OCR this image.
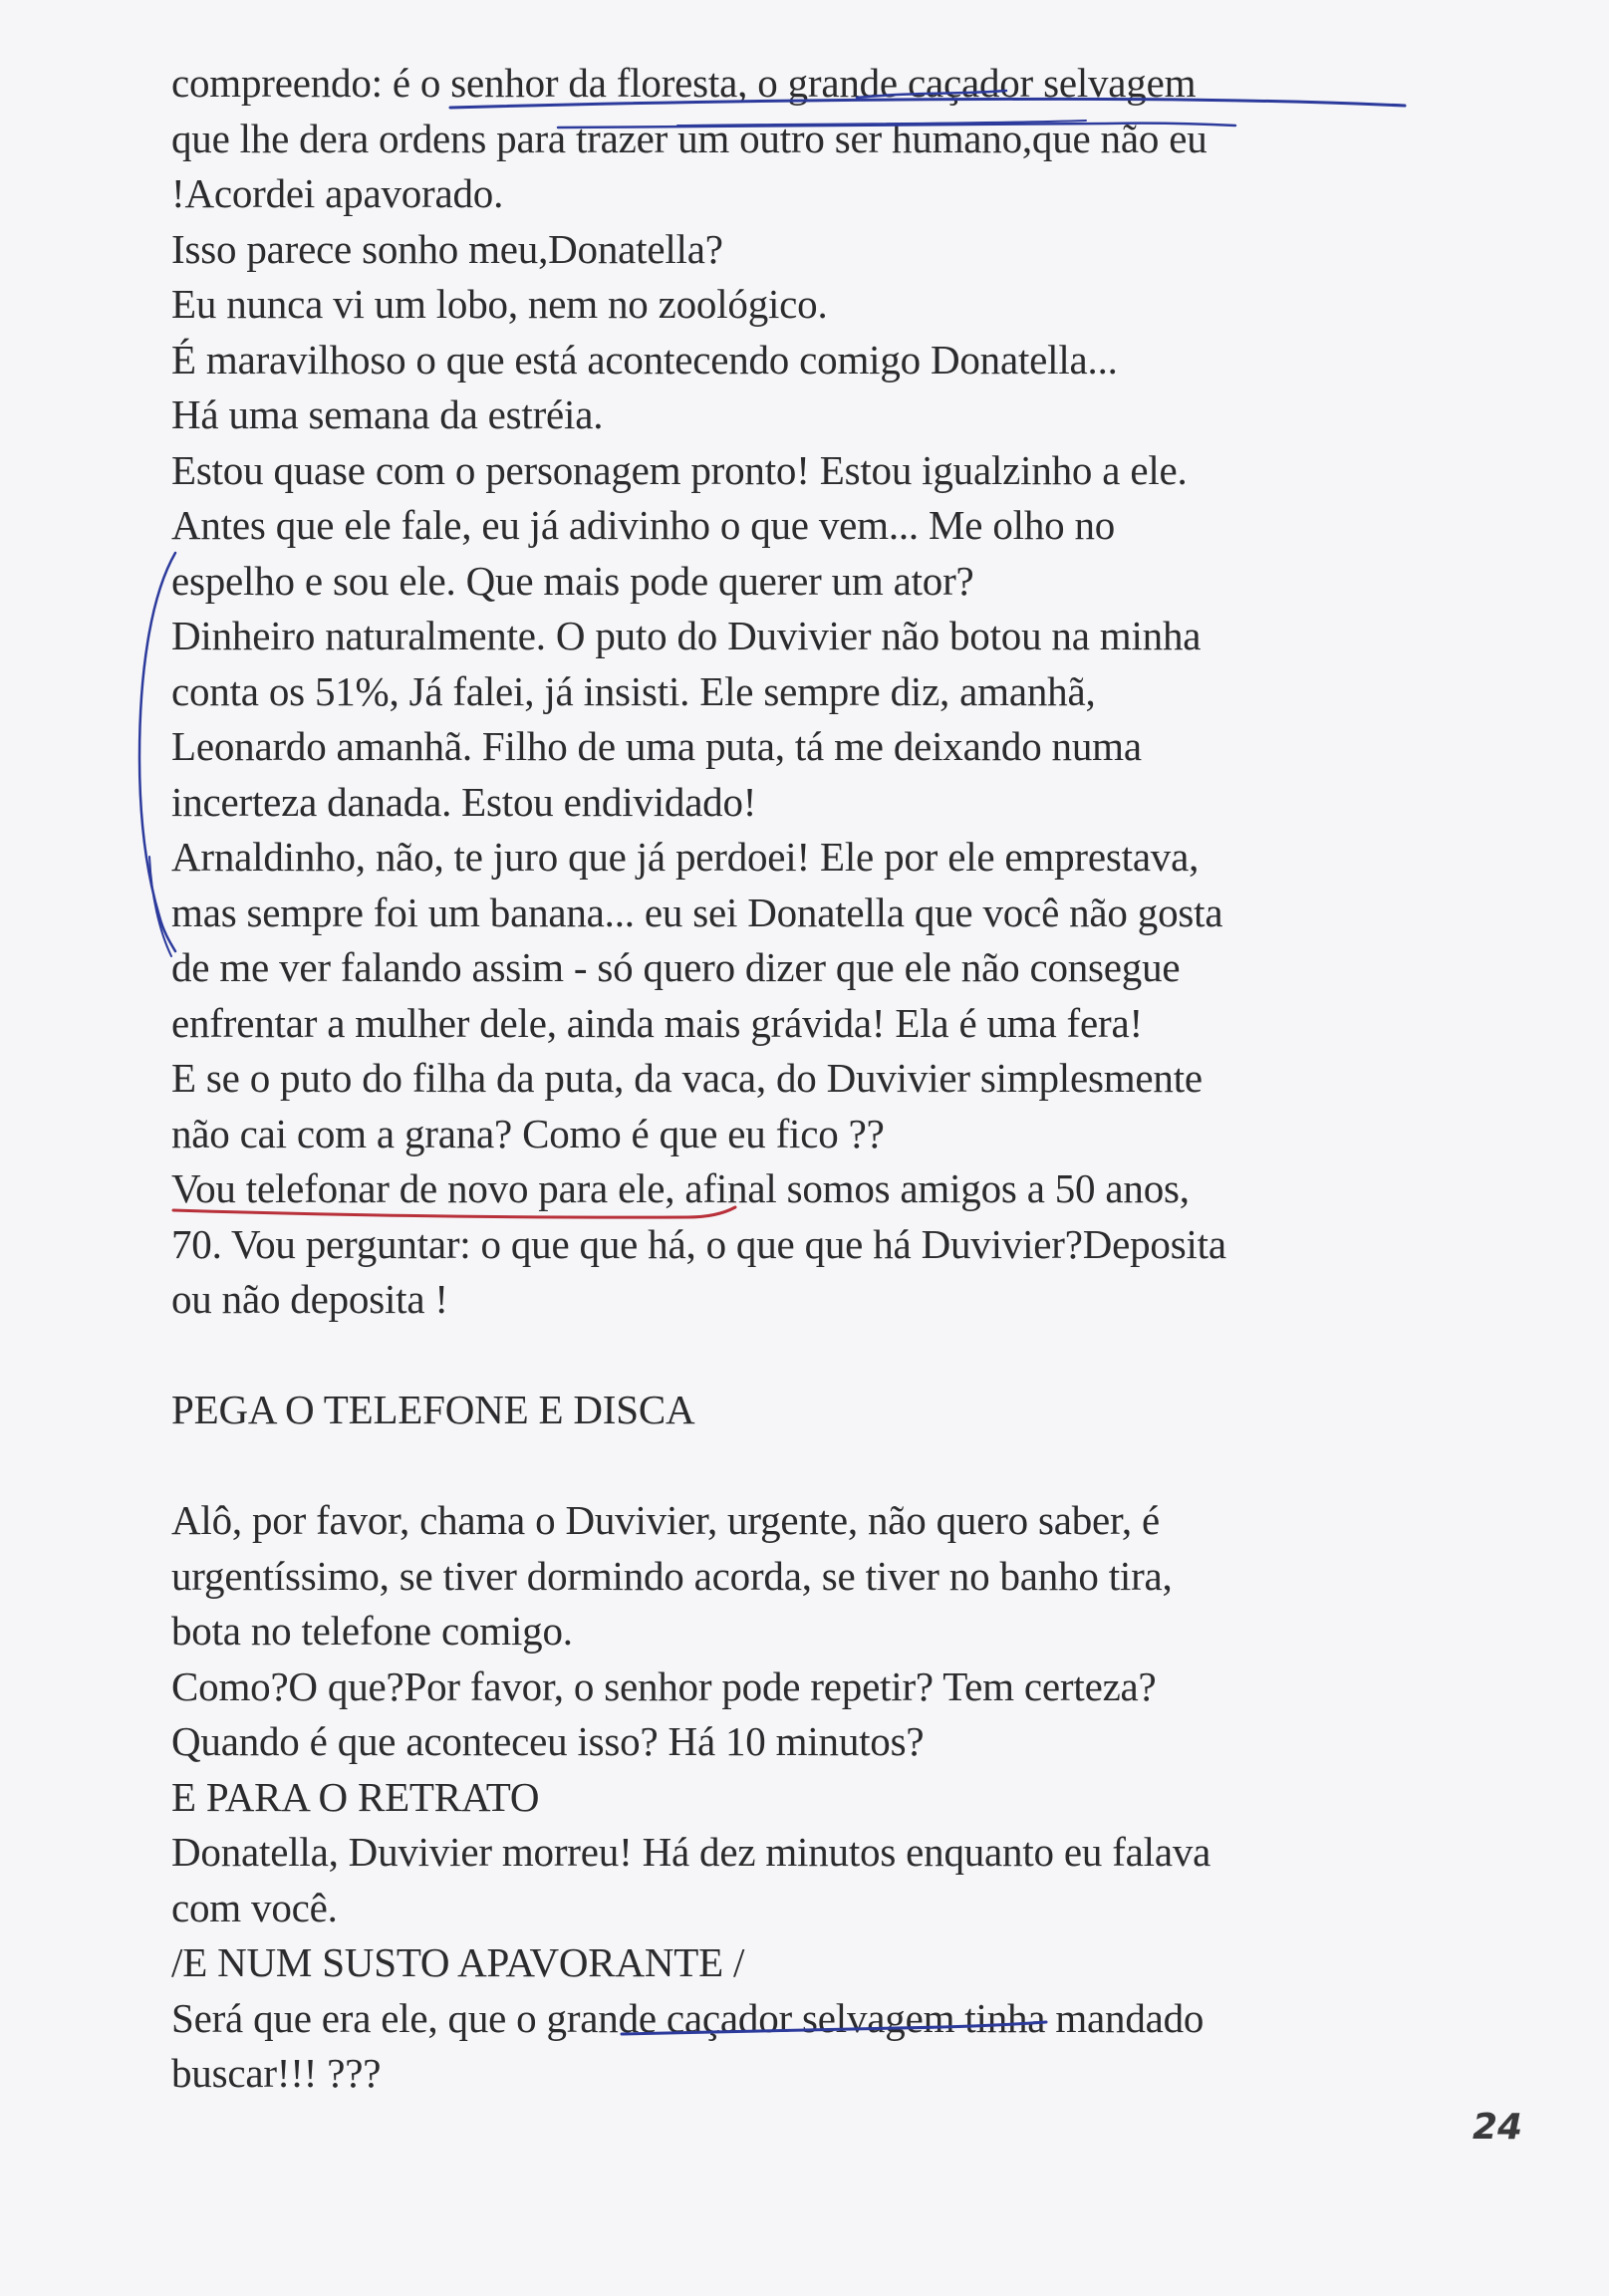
compreendo: é o senhor da floresta, o grande caçador selvagem
que lhe dera ordens para trazer um outro ser humano,que não eu
!Acordei apavorado.
Isso parece sonho meu,Donatella?
Eu nunca vi um lobo, nem no zoológico.
É maravilhoso o que está acontecendo comigo Donatella...
Há uma semana da estréia.
Estou quase com o personagem pronto! Estou igualzinho a ele.
Antes que ele fale, eu já adivinho o que vem... Me olho no
espelho e sou ele. Que mais pode querer um ator?
Dinheiro naturalmente. O puto do Duvivier não botou na minha
conta os 51%, Já falei, já insisti. Ele sempre diz, amanhã,
Leonardo amanhã. Filho de uma puta, tá me deixando numa
incerteza danada. Estou endividado!
Arnaldinho, não, te juro que já perdoei! Ele por ele emprestava,
mas sempre foi um banana... eu sei Donatella que você não gosta
de me ver falando assim - só quero dizer que ele não consegue
enfrentar a mulher dele, ainda mais grávida! Ela é uma fera!
E se o puto do filha da puta, da vaca, do Duvivier simplesmente
não cai com a grana? Como é que eu fico ??
Vou telefonar de novo para ele, afinal somos amigos a 50 anos,
70. Vou perguntar: o que que há, o que que há Duvivier?Deposita
ou não deposita !
PEGA O TELEFONE E DISCA
Alô, por favor, chama o Duvivier, urgente, não quero saber, é
urgentíssimo, se tiver dormindo acorda, se tiver no banho tira,
bota no telefone comigo.
Como?O que?Por favor, o senhor pode repetir? Tem certeza?
Quando é que aconteceu isso? Há 10 minutos?
E PARA O RETRATO
Donatella, Duvivier morreu! Há dez minutos enquanto eu falava
com você.
/E NUM SUSTO APAVORANTE /
Será que era ele, que o grande caçador selvagem tinha mandado
buscar!!! ???
24
